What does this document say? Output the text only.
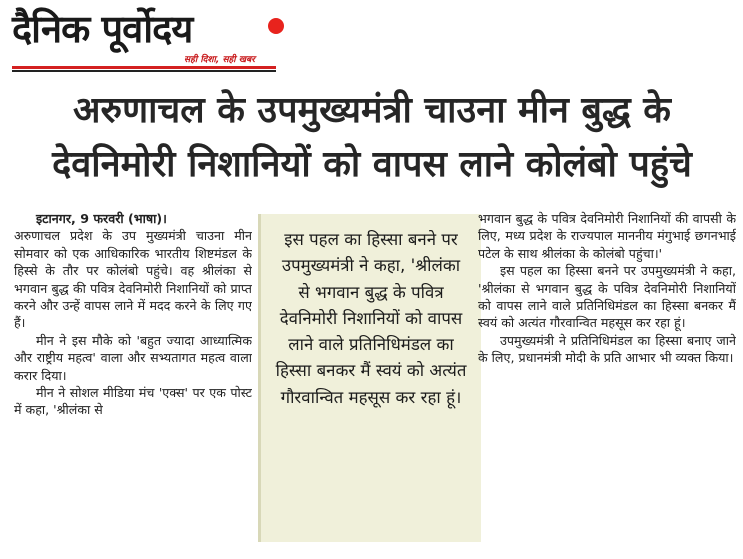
दैनिक पूर्वोदय
सही दिशा, सही खबर
अरुणाचल के उपमुख्यमंत्री चाउना मीन बुद्ध के
देवनिमोरी निशानियों को वापस लाने कोलंबो पहुंचे

इटानगर, 9 फरवरी (भाषा)।

अरुणाचल प्रदेश के उप मुख्यमंत्री चाउना मीन सोमवार को एक आधिकारिक भारतीय शिष्टमंडल के हिस्से के तौर पर कोलंबो पहुंचे। वह श्रीलंका से भगवान बुद्ध की पवित्र देवनिमोरी निशानियों को प्राप्त करने और उन्हें वापस लाने में मदद करने के लिए गए हैं।

मीन ने इस मौके को 'बहुत ज्यादा आध्यात्मिक और राष्ट्रीय महत्व' वाला और सभ्यतागत महत्व वाला करार दिया।

मीन ने सोशल मीडिया मंच 'एक्स' पर एक पोस्ट में कहा, 'श्रीलंका से

इस पहल का हिस्सा बनने पर उपमुख्यमंत्री ने कहा, 'श्रीलंका से भगवान बुद्ध के पवित्र देवनिमोरी निशानियों को वापस लाने वाले प्रतिनिधिमंडल का हिस्सा बनकर मैं स्वयं को अत्यंत गौरवान्वित महसूस कर रहा हूं।

भगवान बुद्ध के पवित्र देवनिमोरी निशानियों की वापसी के लिए, मध्य प्रदेश के राज्यपाल माननीय मंगुभाई छगनभाई पटेल के साथ श्रीलंका के कोलंबो पहुंचा।'

इस पहल का हिस्सा बनने पर उपमुख्यमंत्री ने कहा, 'श्रीलंका से भगवान बुद्ध के पवित्र देवनिमोरी निशानियों को वापस लाने वाले प्रतिनिधिमंडल का हिस्सा बनकर मैं स्वयं को अत्यंत गौरवान्वित महसूस कर रहा हूं।

उपमुख्यमंत्री ने प्रतिनिधिमंडल का हिस्सा बनाए जाने के लिए, प्रधानमंत्री मोदी के प्रति आभार भी व्यक्त किया।
